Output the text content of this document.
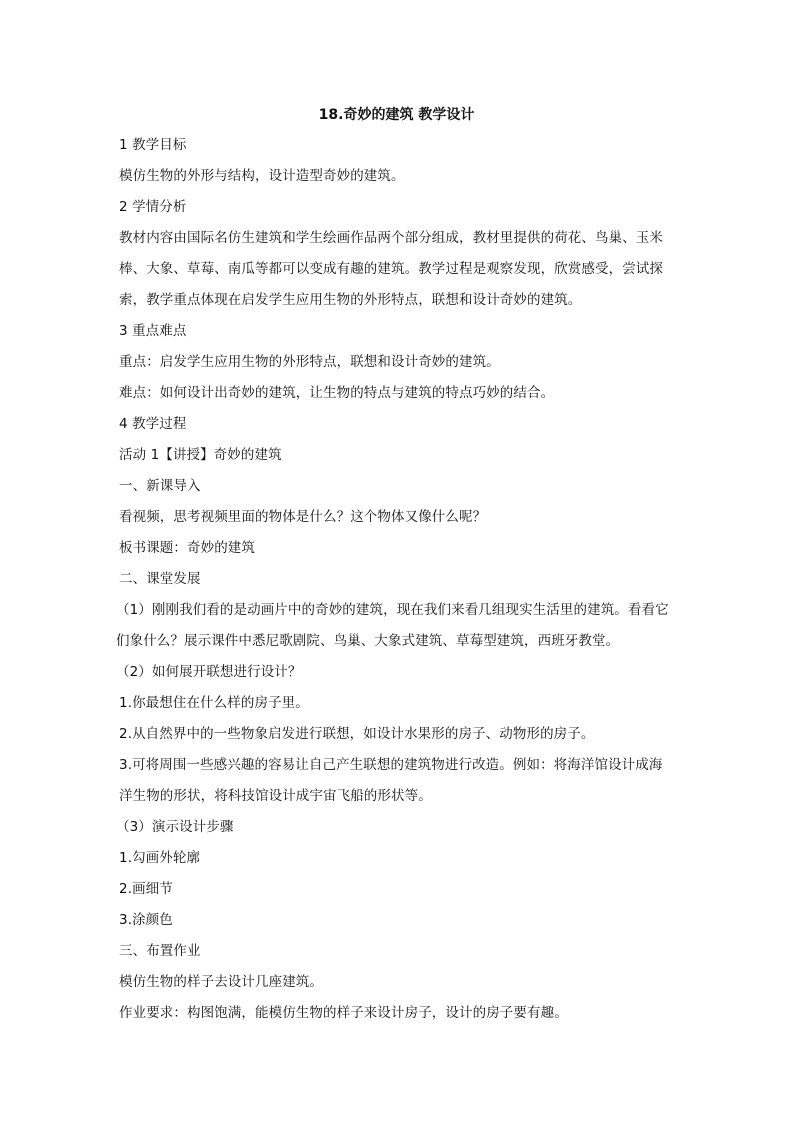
18.奇妙的建筑 教学设计

1 教学目标

模仿生物的外形与结构，设计造型奇妙的建筑。

2 学情分析

教材内容由国际名仿生建筑和学生绘画作品两个部分组成，教材里提供的荷花、鸟巢、玉米棒、大象、草莓、南瓜等都可以变成有趣的建筑。教学过程是观察发现，欣赏感受，尝试探索，教学重点体现在启发学生应用生物的外形特点，联想和设计奇妙的建筑。

3 重点难点

重点：启发学生应用生物的外形特点，联想和设计奇妙的建筑。

难点：如何设计出奇妙的建筑，让生物的特点与建筑的特点巧妙的结合。

4 教学过程

活动 1【讲授】奇妙的建筑

一、新课导入

看视频，思考视频里面的物体是什么？这个物体又像什么呢？

板书课题：奇妙的建筑

二、课堂发展

（1）刚刚我们看的是动画片中的奇妙的建筑，现在我们来看几组现实生活里的建筑。看看它们象什么？展示课件中悉尼歌剧院、鸟巢、大象式建筑、草莓型建筑，西班牙教堂。

（2）如何展开联想进行设计？

1.你最想住在什么样的房子里。

2.从自然界中的一些物象启发进行联想，如设计水果形的房子、动物形的房子。

3.可将周围一些感兴趣的容易让自己产生联想的建筑物进行改造。例如：将海洋馆设计成海洋生物的形状，将科技馆设计成宇宙飞船的形状等。

（3）演示设计步骤

1.勾画外轮廓

2.画细节

3.涂颜色

三、布置作业

模仿生物的样子去设计几座建筑。

作业要求：构图饱满，能模仿生物的样子来设计房子，设计的房子要有趣。
